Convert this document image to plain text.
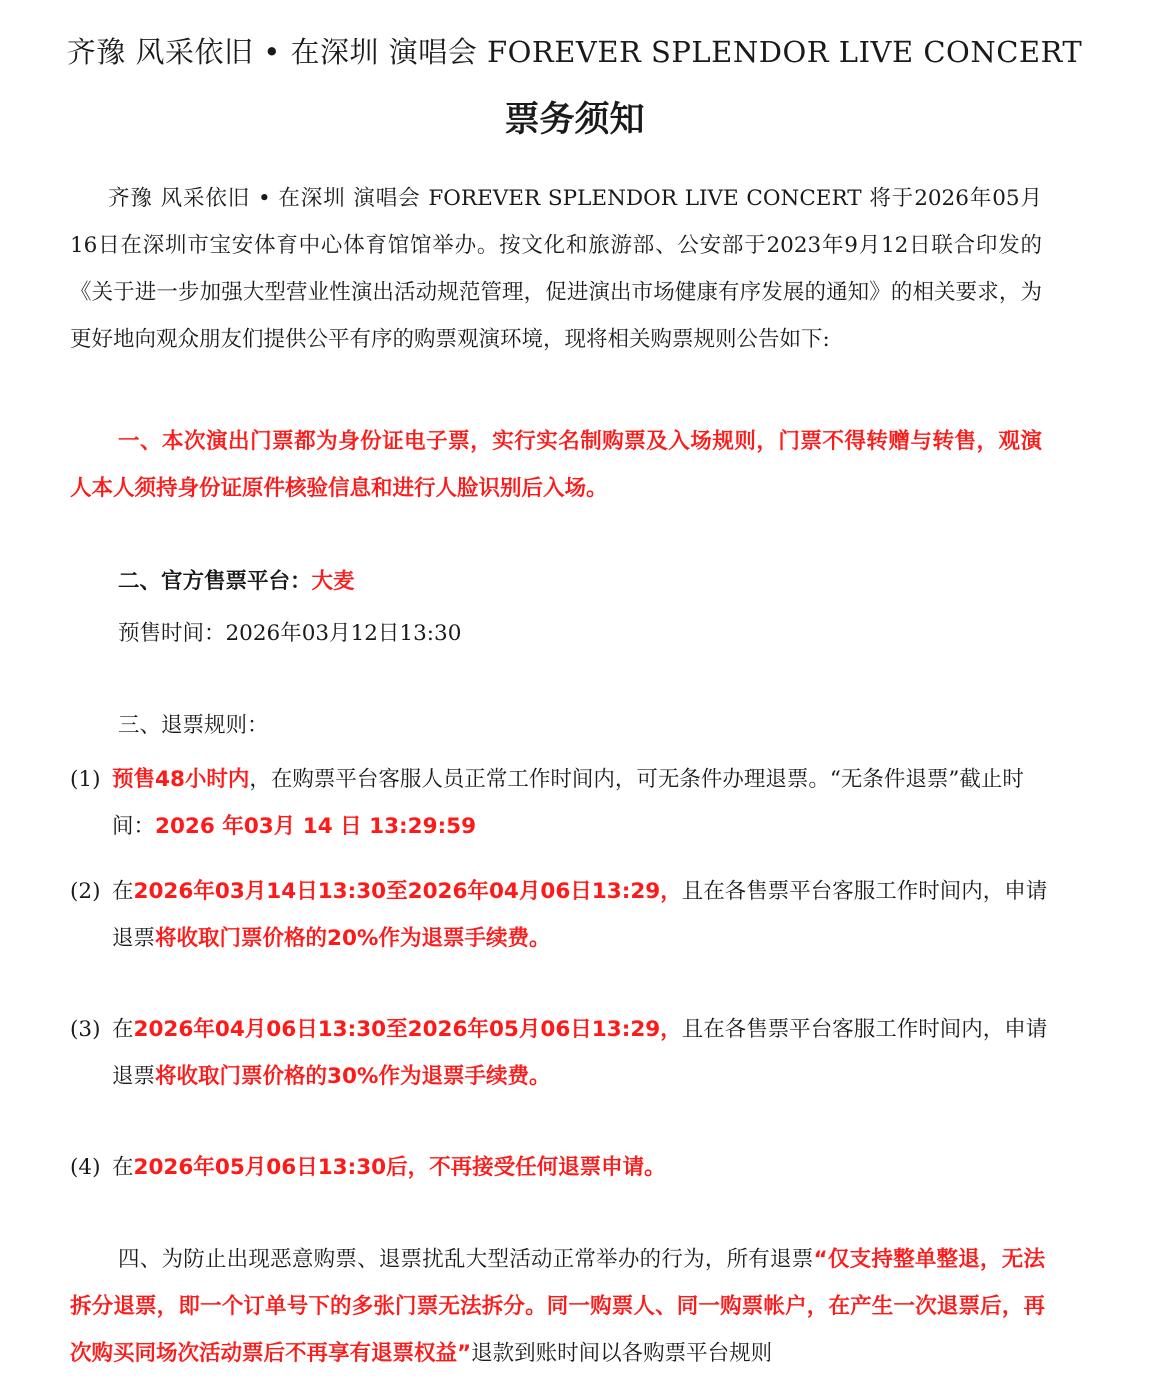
齐豫 风采依旧 • 在深圳 演唱会 FOREVER SPLENDOR LIVE CONCERT
票务须知
齐豫 风采依旧 • 在深圳 演唱会 FOREVER SPLENDOR LIVE CONCERT 将于2026年05月16日在深圳市宝安体育中心体育馆馆举办。按文化和旅游部、公安部于2023年9月12日联合印发的《关于进一步加强大型营业性演出活动规范管理，促进演出市场健康有序发展的通知》的相关要求，为更好地向观众朋友们提供公平有序的购票观演环境，现将相关购票规则公告如下:
一、本次演出门票都为身份证电子票，实行实名制购票及入场规则，门票不得转赠与转售，观演人本人须持身份证原件核验信息和进行人脸识别后入场。
二、官方售票平台：大麦
预售时间：2026年03月12日13:30
三、退票规则：
(1) 预售48小时内，在购票平台客服人员正常工作时间内，可无条件办理退票。“无条件退票”截止时间：2026 年03月 14 日 13:29:59
(2) 在2026年03月14日13:30至2026年04月06日13:29，且在各售票平台客服工作时间内，申请退票将收取门票价格的20%作为退票手续费。
(3) 在2026年04月06日13:30至2026年05月06日13:29，且在各售票平台客服工作时间内，申请退票将收取门票价格的30%作为退票手续费。
(4) 在2026年05月06日13:30后，不再接受任何退票申请。
四、为防止出现恶意购票、退票扰乱大型活动正常举办的行为，所有退票“仅支持整单整退，无法拆分退票，即一个订单号下的多张门票无法拆分。同一购票人、同一购票帐户，在产生一次退票后，再次购买同场次活动票后不再享有退票权益”退款到账时间以各购票平台规则
